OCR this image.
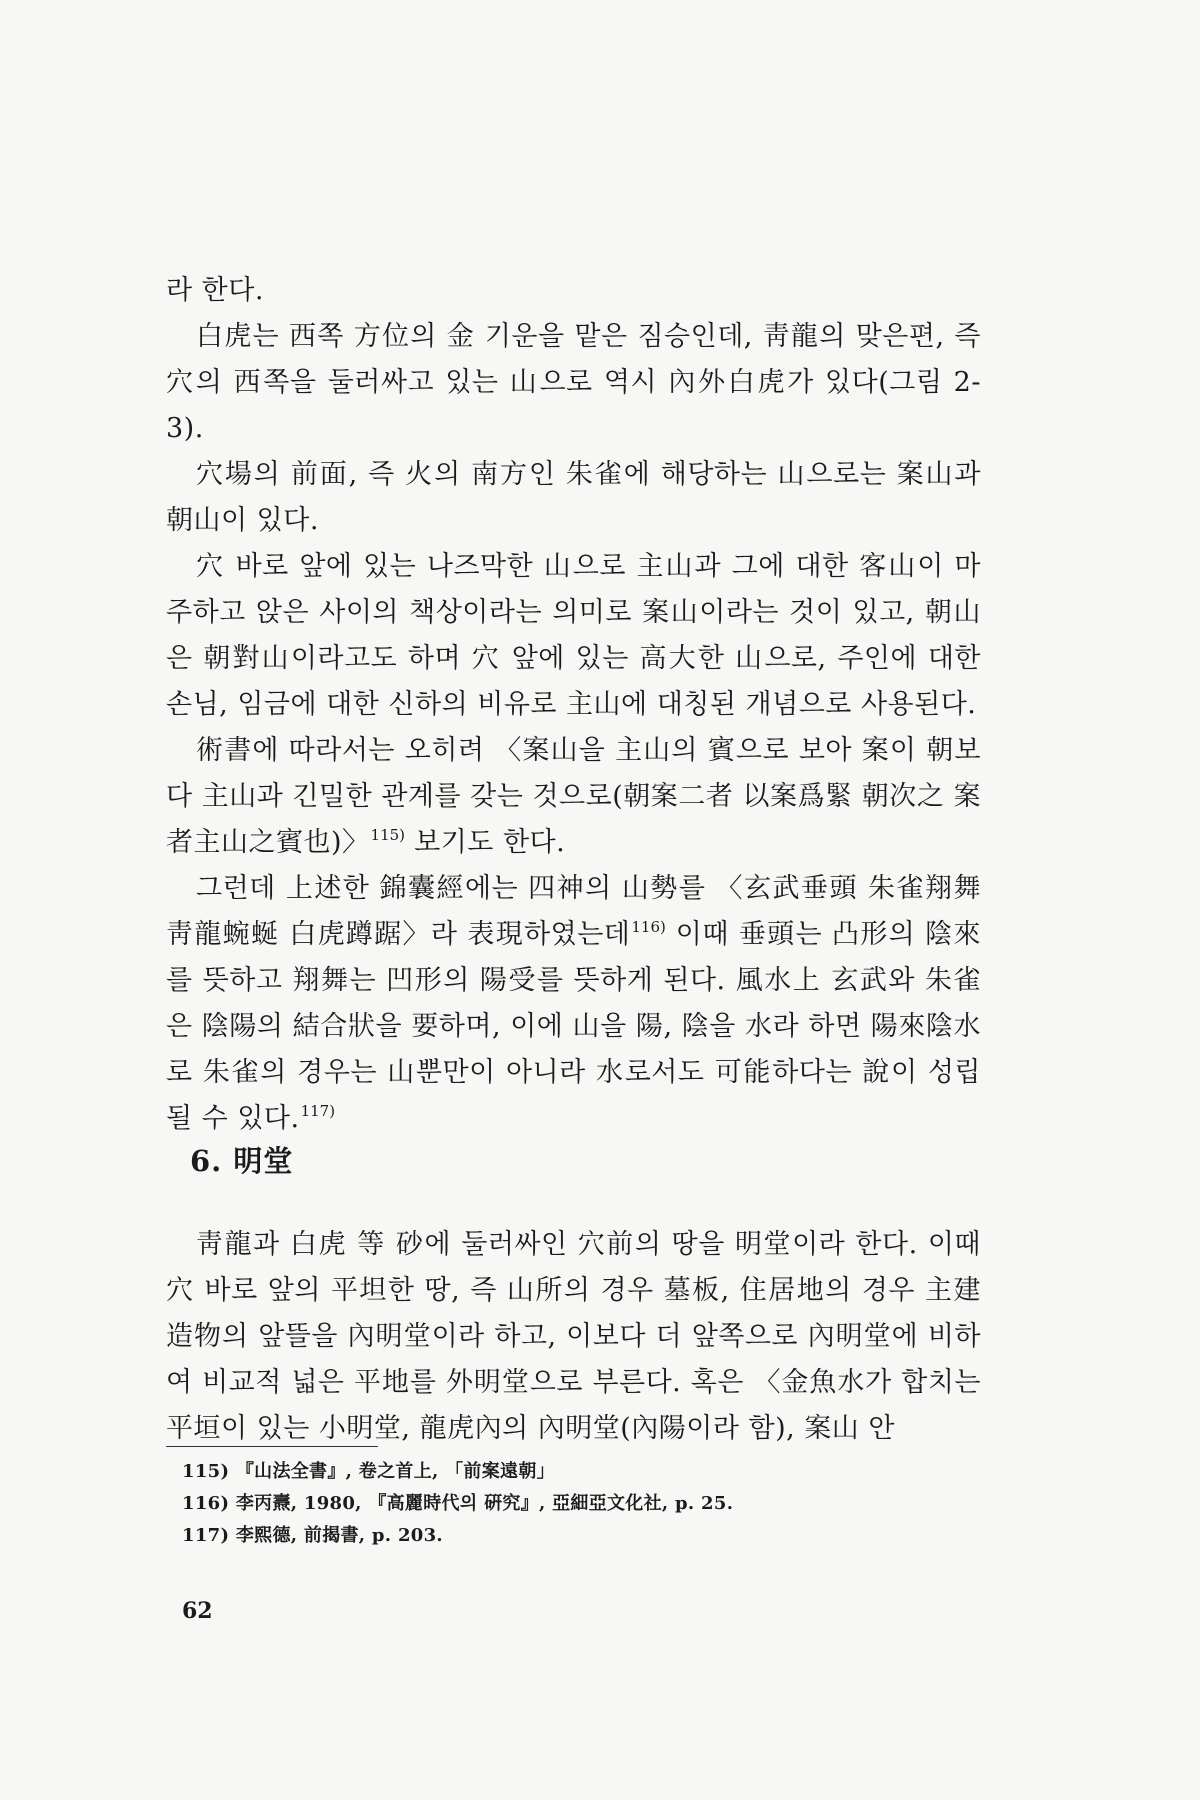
라 한다.

白虎는 西쪽 方位의 金 기운을 맡은 짐승인데, 靑龍의 맞은편, 즉 穴의 西쪽을 둘러싸고 있는 山으로 역시 內外白虎가 있다(그림 2-3).

穴場의 前面, 즉 火의 南方인 朱雀에 해당하는 山으로는 案山과 朝山이 있다.

穴 바로 앞에 있는 나즈막한 山으로 主山과 그에 대한 客山이 마주하고 앉은 사이의 책상이라는 의미로 案山이라는 것이 있고, 朝山은 朝對山이라고도 하며 穴 앞에 있는 高大한 山으로, 주인에 대한 손님, 임금에 대한 신하의 비유로 主山에 대칭된 개념으로 사용된다.

術書에 따라서는 오히려 〈案山을 主山의 賓으로 보아 案이 朝보다 主山과 긴밀한 관계를 갖는 것으로(朝案二者 以案爲緊 朝次之 案者主山之賓也)〉$^{115)}$ 보기도 한다.

그런데 上述한 錦囊經에는 四神의 山勢를 〈玄武垂頭 朱雀翔舞 靑龍蜿蜒 白虎蹲踞〉라 表現하였는데$^{116)}$ 이때 垂頭는 凸形의 陰來를 뜻하고 翔舞는 凹形의 陽受를 뜻하게 된다. 風水上 玄武와 朱雀은 陰陽의 結合狀을 要하며, 이에 山을 陽, 陰을 水라 하면 陽來陰水로 朱雀의 경우는 山뿐만이 아니라 水로서도 可能하다는 說이 성립될 수 있다.$^{117)}$

6. 明堂

靑龍과 白虎 等 砂에 둘러싸인 穴前의 땅을 明堂이라 한다. 이때 穴 바로 앞의 平坦한 땅, 즉 山所의 경우 墓板, 住居地의 경우 主建造物의 앞뜰을 內明堂이라 하고, 이보다 더 앞쪽으로 內明堂에 비하여 비교적 넓은 平地를 外明堂으로 부른다. 혹은 〈金魚水가 합치는 平垣이 있는 小明堂, 龍虎內의 內明堂(內陽이라 함), 案山 안

115) 『山法全書』, 卷之首上, 「前案遠朝」

116) 李丙燾, 1980, 『高麗時代의 硏究』, 亞細亞文化社, p. 25.

117) 李熙德, 前揭書, p. 203.

62
